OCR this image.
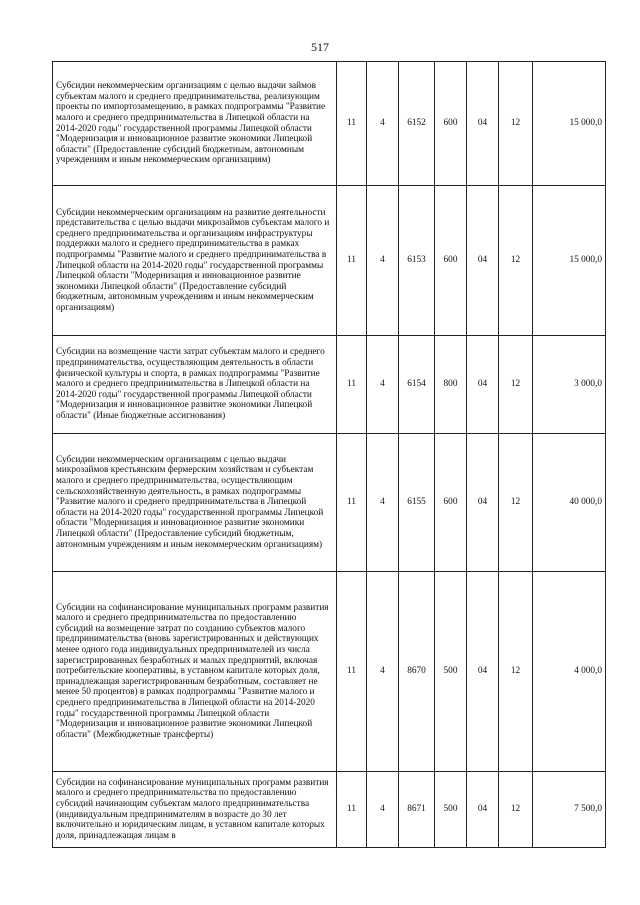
517
Субсидии некоммерческим организациям с целью выдачи займов субъектам малого и среднего предпринимательства, реализующим проекты по импортозамещению, в рамках подпрограммы "Развитие малого и среднего предпринимательства в Липецкой области на 2014-2020 годы" государственной программы Липецкой области "Модернизация и инновационное развитие экономики Липецкой области" (Предоставление субсидий бюджетным, автономным учреждениям и иным некоммерческим организациям)	11	4	6152	600	04	12	15 000,0
Субсидии некоммерческим организациям на развитие деятельности представительства с целью выдачи микрозаймов субъектам малого и среднего предпринимательства и организациям инфраструктуры поддержки малого и среднего предпринимательства в рамках подпрограммы "Развитие малого и среднего предпринимательства в Липецкой области на 2014-2020 годы" государственной программы Липецкой области "Модернизация и инновационное развитие экономики Липецкой области" (Предоставление субсидий бюджетным, автономным учреждениям и иным некоммерческим организациям)	11	4	6153	600	04	12	15 000,0
Субсидии на возмещение части затрат субъектам малого и среднего предпринимательства, осуществляющим деятельность в области физической культуры и спорта, в рамках подпрограммы "Развитие малого и среднего предпринимательства в Липецкой области на 2014-2020 годы" государственной программы Липецкой области "Модернизация и инновационное развитие экономики Липецкой области" (Иные бюджетные ассигнования)	11	4	6154	800	04	12	3 000,0
Субсидии некоммерческим организациям с целью выдачи микрозаймов крестьянским фермерским хозяйствам и субъектам малого и среднего предпринимательства, осуществляющим сельскохозяйственную деятельность, в рамках подпрограммы "Развитие малого и среднего предпринимательства в Липецкой области на 2014-2020 годы" государственной программы Липецкой области "Модернизация и инновационное развитие экономики Липецкой области" (Предоставление субсидий бюджетным, автономным учреждениям и иным некоммерческим организациям)	11	4	6155	600	04	12	40 000,0
Субсидии на софинансирование муниципальных программ развития малого и среднего предпринимательства по предоставлению субсидий на возмещение затрат по созданию субъектов малого предпринимательства (вновь зарегистрированных и действующих менее одного года индивидуальных предпринимателей из числа зарегистрированных безработных и малых предприятий, включая потребительские кооперативы, в уставном капитале которых доля, принадлежащая зарегистрированным безработным, составляет не менее 50 процентов) в рамках подпрограммы "Развитие малого и среднего предпринимательства в Липецкой области на 2014-2020 годы" государственной программы Липецкой области "Модернизация и инновационное развитие экономики Липецкой области" (Межбюджетные трансферты)	11	4	8670	500	04	12	4 000,0
Субсидии на софинансирование муниципальных программ развития малого и среднего предпринимательства по предоставлению субсидий начинающим субъектам малого предпринимательства (индивидуальным предпринимателям в возрасте до 30 лет включительно и юридическим лицам, в уставном капитале которых доля, принадлежащая лицам в	11	4	8671	500	04	12	7 500,0
